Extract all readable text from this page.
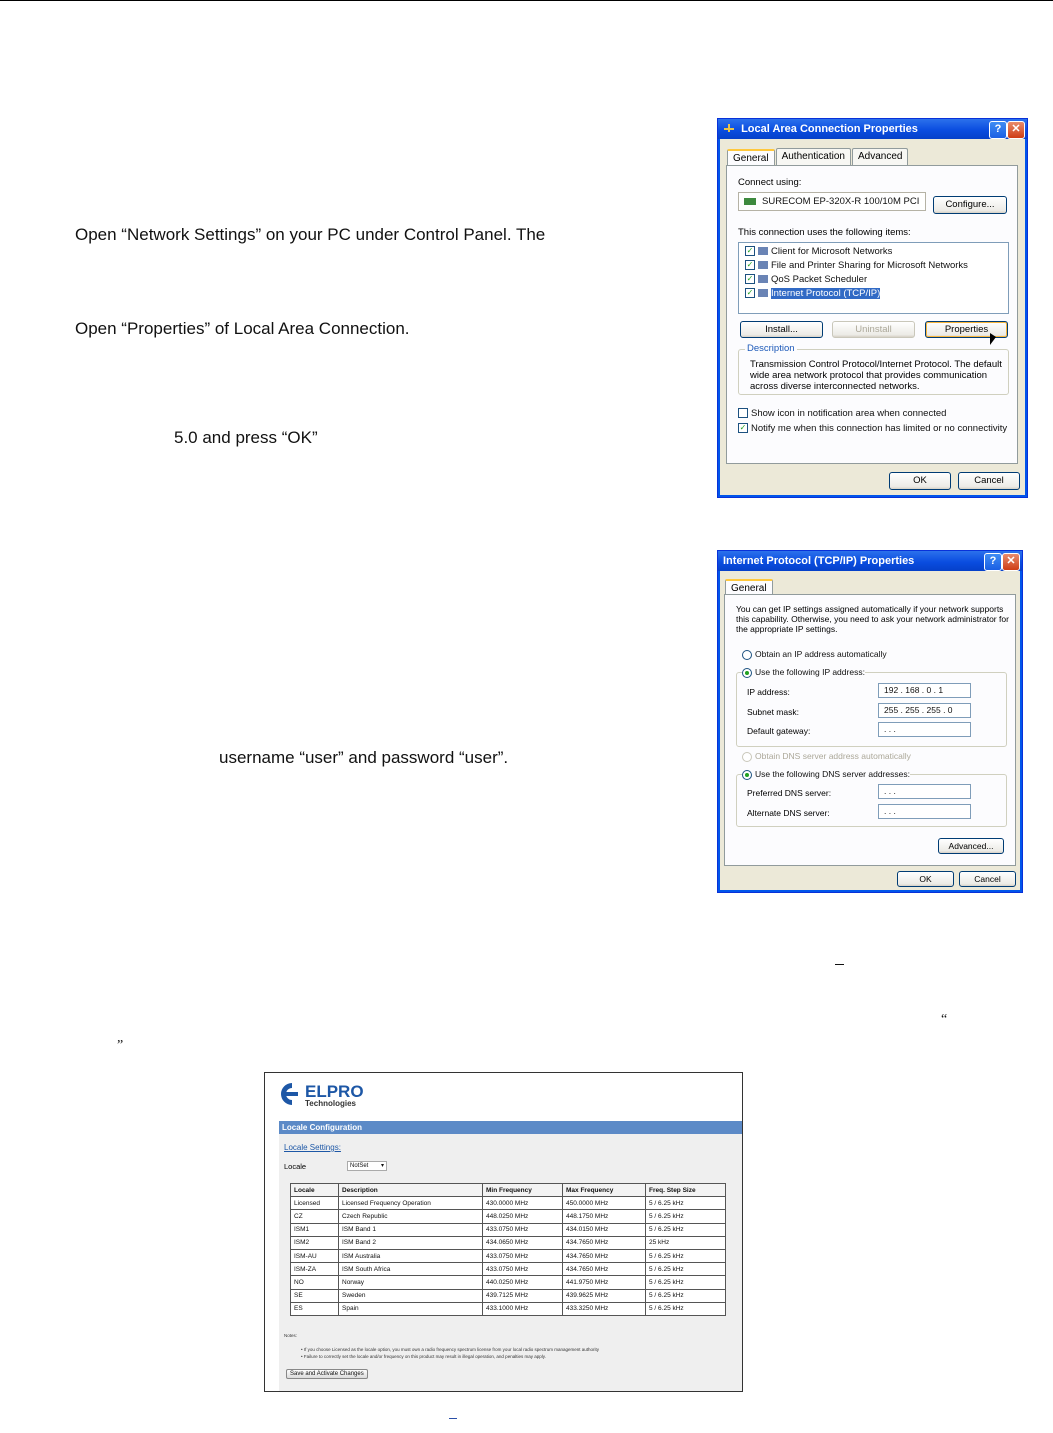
Open “Network Settings” on your PC under Control Panel. The
Open “Properties” of Local Area Connection.
5.0 and press “OK”
username “user” and password “user”.
“
”
Local Area Connection Properties	? ✕
General	Authentication	Advanced
Connect using:
SURECOM EP-320X-R 100/10M PCI	Configure...
This connection uses the following items:
✓ Client for Microsoft Networks
✓ File and Printer Sharing for Microsoft Networks
✓ QoS Packet Scheduler
✓ Internet Protocol (TCP/IP)
Install...	Uninstall	Properties
Description
Transmission Control Protocol/Internet Protocol. The default
wide area network protocol that provides communication
across diverse interconnected networks.
Show icon in notification area when connected
✓ Notify me when this connection has limited or no connectivity
OK	Cancel
Internet Protocol (TCP/IP) Properties	? ✕
General
You can get IP settings assigned automatically if your network supports
this capability. Otherwise, you need to ask your network administrator for
the appropriate IP settings.
Obtain an IP address automatically
Use the following IP address:
IP address:	192 . 168 . 0 . 1
Subnet mask:	255 . 255 . 255 . 0
Default gateway:	. . .
Obtain DNS server address automatically
Use the following DNS server addresses:
Preferred DNS server:	. . .
Alternate DNS server:	. . .
Advanced...
OK	Cancel
ELPRO
Technologies
Locale Configuration
Locale Settings:
Locale	NotSet ▾
Locale	Description	Min Frequency	Max Frequency	Freq. Step Size
Licensed	Licensed Frequency Operation	430.0000 MHz	450.0000 MHz	5 / 6.25 kHz
CZ	Czech Republic	448.0250 MHz	448.1750 MHz	5 / 6.25 kHz
ISM1	ISM Band 1	433.0750 MHz	434.0150 MHz	5 / 6.25 kHz
ISM2	ISM Band 2	434.0650 MHz	434.7650 MHz	25 kHz
ISM-AU	ISM Australia	433.0750 MHz	434.7650 MHz	5 / 6.25 kHz
ISM-ZA	ISM South Africa	433.0750 MHz	434.7650 MHz	5 / 6.25 kHz
NO	Norway	440.0250 MHz	441.9750 MHz	5 / 6.25 kHz
SE	Sweden	439.7125 MHz	439.9625 MHz	5 / 6.25 kHz
ES	Spain	433.1000 MHz	433.3250 MHz	5 / 6.25 kHz
Notes:
• If you choose Licensed as the locale option, you must own a radio frequency spectrum license from your local radio spectrum management authority
• Failure to correctly set the locale and/or frequency on this product may result in illegal operation, and penalties may apply.
Save and Activate Changes
